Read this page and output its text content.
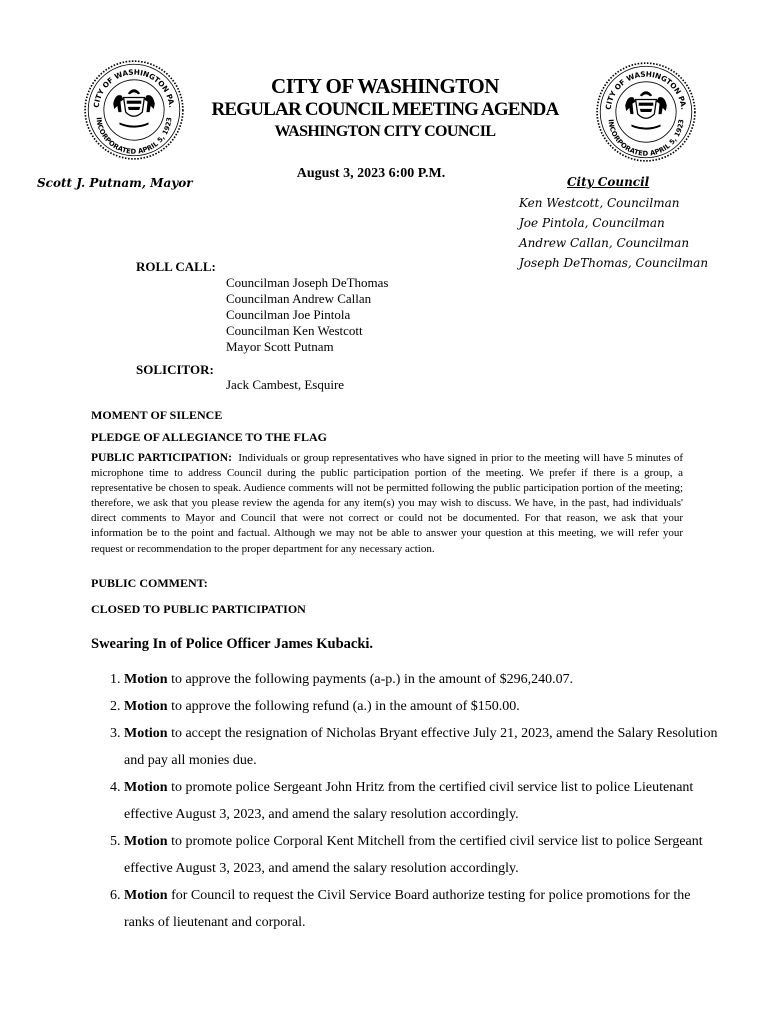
CITY OF WASHINGTON PA.
INCORPORATED APRIL 5, 1923
CITY OF WASHINGTON PA.
INCORPORATED APRIL 5, 1923
CITY OF WASHINGTON
REGULAR COUNCIL MEETING AGENDA
WASHINGTON CITY COUNCIL
August 3, 2023 6:00 P.M.
Scott J. Putnam, Mayor	City Council
Ken Westcott, Councilman
Joe Pintola, Councilman
Andrew Callan, Councilman
Joseph DeThomas, Councilman
ROLL CALL:
Councilman Joseph DeThomas
Councilman Andrew Callan
Councilman Joe Pintola
Councilman Ken Westcott
Mayor Scott Putnam
SOLICITOR:
Jack Cambest, Esquire
MOMENT OF SILENCE
PLEDGE OF ALLEGIANCE TO THE FLAG
PUBLIC PARTICIPATION: Individuals or group representatives who have signed in prior to the meeting will have 5 minutes of microphone time to address Council during the public participation portion of the meeting. We prefer if there is a group, a representative be chosen to speak. Audience comments will not be permitted following the public participation portion of the meeting; therefore, we ask that you please review the agenda for any item(s) you may wish to discuss. We have, in the past, had individuals' direct comments to Mayor and Council that were not correct or could not be documented. For that reason, we ask that your information be to the point and factual. Although we may not be able to answer your question at this meeting, we will refer your request or recommendation to the proper department for any necessary action.
PUBLIC COMMENT:
CLOSED TO PUBLIC PARTICIPATION
Swearing In of Police Officer James Kubacki.
1. Motion to approve the following payments (a-p.) in the amount of $296,240.07.
2. Motion to approve the following refund (a.) in the amount of $150.00.
3. Motion to accept the resignation of Nicholas Bryant effective July 21, 2023, amend the Salary Resolution and pay all monies due.
4. Motion to promote police Sergeant John Hritz from the certified civil service list to police Lieutenant effective August 3, 2023, and amend the salary resolution accordingly.
5. Motion to promote police Corporal Kent Mitchell from the certified civil service list to police Sergeant effective August 3, 2023, and amend the salary resolution accordingly.
6. Motion for Council to request the Civil Service Board authorize testing for police promotions for the ranks of lieutenant and corporal.
